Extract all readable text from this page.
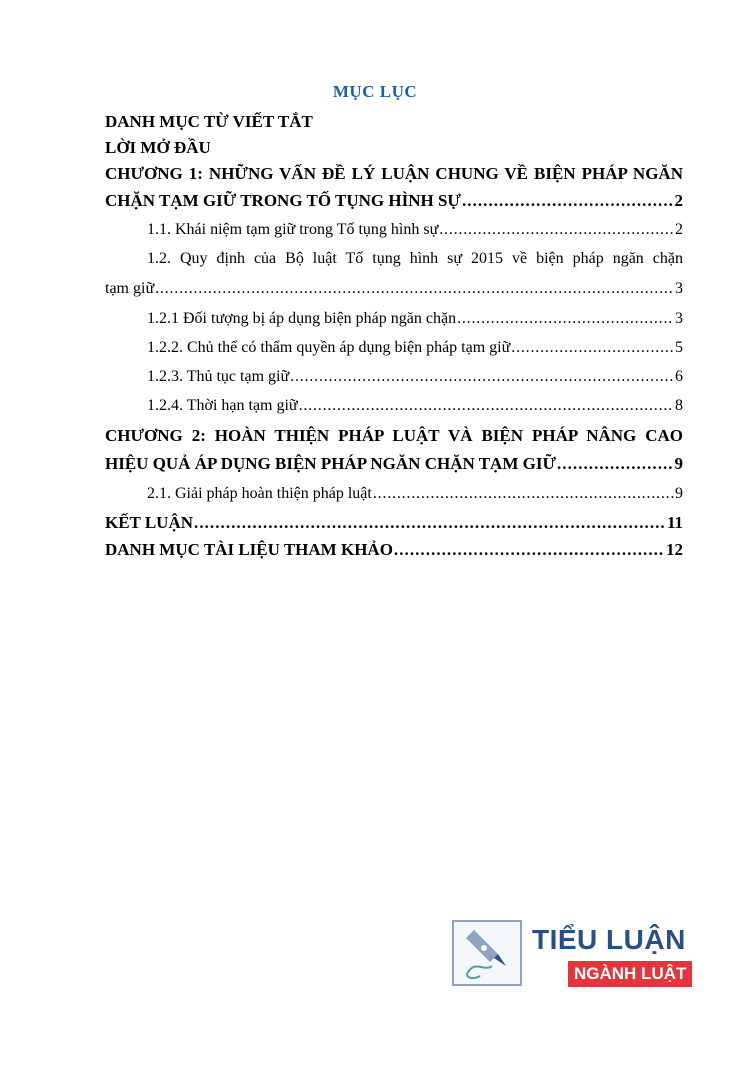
MỤC LỤC
DANH MỤC TỪ VIẾT TẮT
LỜI MỞ ĐẦU
CHƯƠNG 1: NHỮNG VẤN ĐỀ LÝ LUẬN CHUNG VỀ BIỆN PHÁP NGĂN
CHẶN TẠM GIỮ TRONG TỐ TỤNG HÌNH SỰ . . .	2
1.1. Khái niệm tạm giữ trong Tố tụng hình sự . . .	2
1.2. Quy định của Bộ luật Tố tụng hình sự 2015 về biện pháp ngăn chặn
tạm giữ . . .	3
1.2.1 Đối tượng bị áp dụng biện pháp ngăn chặn . . .	3
1.2.2. Chủ thể có thẩm quyền áp dụng biện pháp tạm giữ . . .	5
1.2.3. Thủ tục tạm giữ . . .	6
1.2.4. Thời hạn tạm giữ . . .	8
CHƯƠNG 2: HOÀN THIỆN PHÁP LUẬT VÀ BIỆN PHÁP NÂNG CAO
HIỆU QUẢ ÁP DỤNG BIỆN PHÁP NGĂN CHẶN TẠM GIỮ . . .	9
2.1. Giải pháp hoàn thiện pháp luật . . .	9
KẾT LUẬN . . .	11
DANH MỤC TÀI LIỆU THAM KHẢO . . .	12
TIỂU LUẬN
NGÀNH LUẬT
